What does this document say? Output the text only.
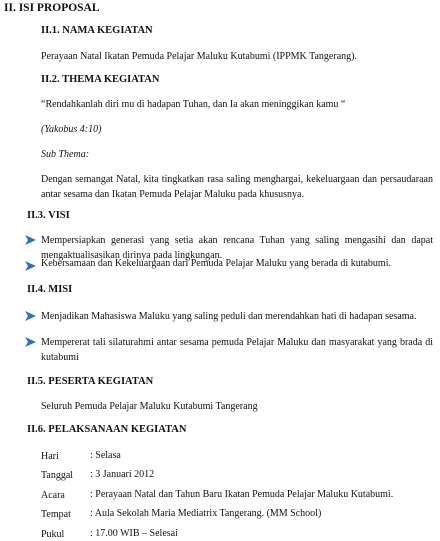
II. ISI PROPOSAL
II.1. NAMA KEGIATAN
Perayaan Natal Ikatan Pemuda Pelajar Maluku Kutabumi (IPPMK Tangerang).
II.2. THEMA KEGIATAN
“Rendahkanlah diri mu di hadapan Tuhan, dan Ia akan meninggikan kamu “
(Yakobus 4:10)
Sub Thema:
Dengan semangat Natal, kita tingkatkan rasa saling menghargai, kekeluargaan dan persaudaraan antar sesama dan Ikatan Pemuda Pelajar Maluku pada khususnya.
II.3. VISI
Mempersiapkan generasi yang setia akan rencana Tuhan yang saling mengasihi dan dapat mengaktualisasikan dirinya pada lingkungan.
Kebersamaan dan Kekeluargaan dari Pemuda Pelajar Maluku yang berada di kutabumi.
II.4. MISI
Menjadikan Mahasiswa Maluku yang saling peduli dan merendahkan hati di hadapan sesama.
Mempererat tali silaturahmi antar sesama pemuda Pelajar Maluku dan masyarakat yang brada di kutabumi
II.5. PESERTA KEGIATAN
Seluruh Pemuda Pelajar Maluku Kutabumi Tangerang
II.6. PELAKSANAAN KEGIATAN
Hari	: Selasa
Tanggal : 3 Januari 2012
Acara	: Perayaan Natal dan Tahun Baru Ikatan Pemuda Pelajar Maluku Kutabumi.
Tempat : Aula Sekolah Maria Mediatrix Tangerang. (MM School)
Pukul	: 17.00 WIB – Selesai
